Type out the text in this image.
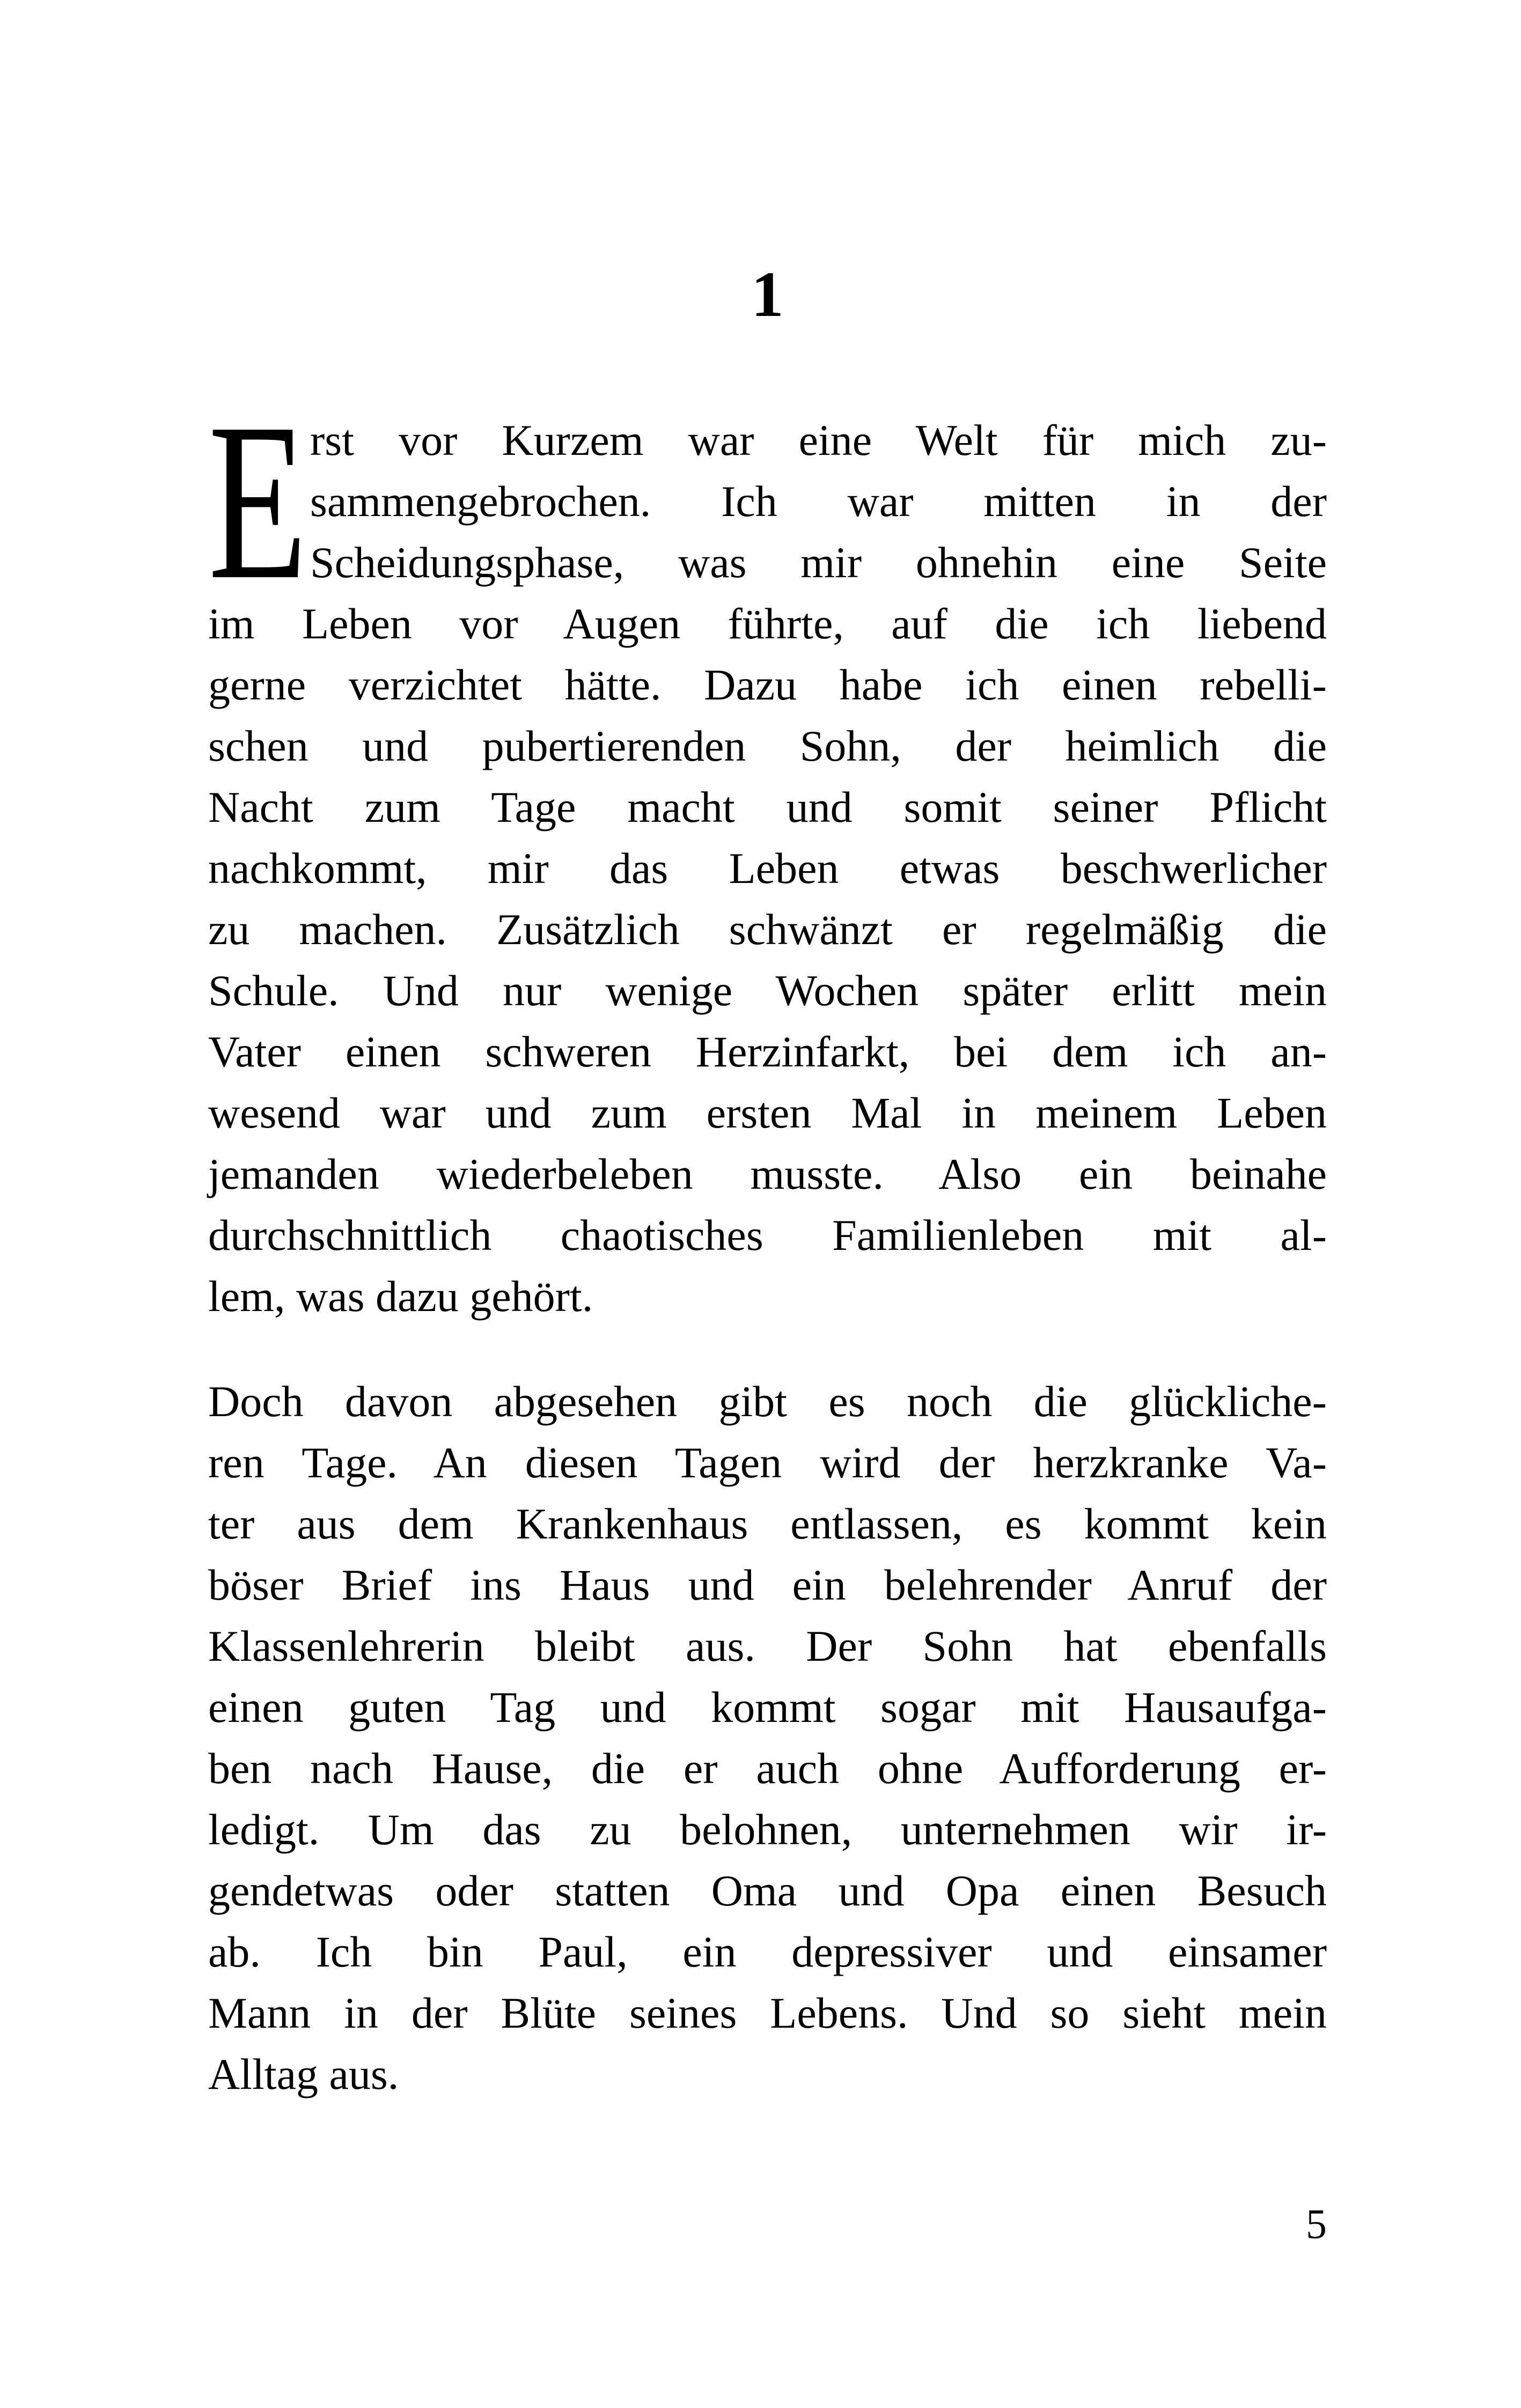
1

E rst vor Kurzem war eine Welt für mich zu-
sammengebrochen. Ich war mitten in der
Scheidungsphase, was mir ohnehin eine Seite
im Leben vor Augen führte, auf die ich liebend
gerne verzichtet hätte. Dazu habe ich einen rebelli-
schen und pubertierenden Sohn, der heimlich die
Nacht zum Tage macht und somit seiner Pflicht
nachkommt, mir das Leben etwas beschwerlicher
zu machen. Zusätzlich schwänzt er regelmäßig die
Schule. Und nur wenige Wochen später erlitt mein
Vater einen schweren Herzinfarkt, bei dem ich an-
wesend war und zum ersten Mal in meinem Leben
jemanden wiederbeleben musste. Also ein beinahe
durchschnittlich chaotisches Familienleben mit al-
lem, was dazu gehört.

Doch davon abgesehen gibt es noch die glückliche-
ren Tage. An diesen Tagen wird der herzkranke Va-
ter aus dem Krankenhaus entlassen, es kommt kein
böser Brief ins Haus und ein belehrender Anruf der
Klassenlehrerin bleibt aus. Der Sohn hat ebenfalls
einen guten Tag und kommt sogar mit Hausaufga-
ben nach Hause, die er auch ohne Aufforderung er-
ledigt. Um das zu belohnen, unternehmen wir ir-
gendetwas oder statten Oma und Opa einen Besuch
ab. Ich bin Paul, ein depressiver und einsamer
Mann in der Blüte seines Lebens. Und so sieht mein
Alltag aus.

5
